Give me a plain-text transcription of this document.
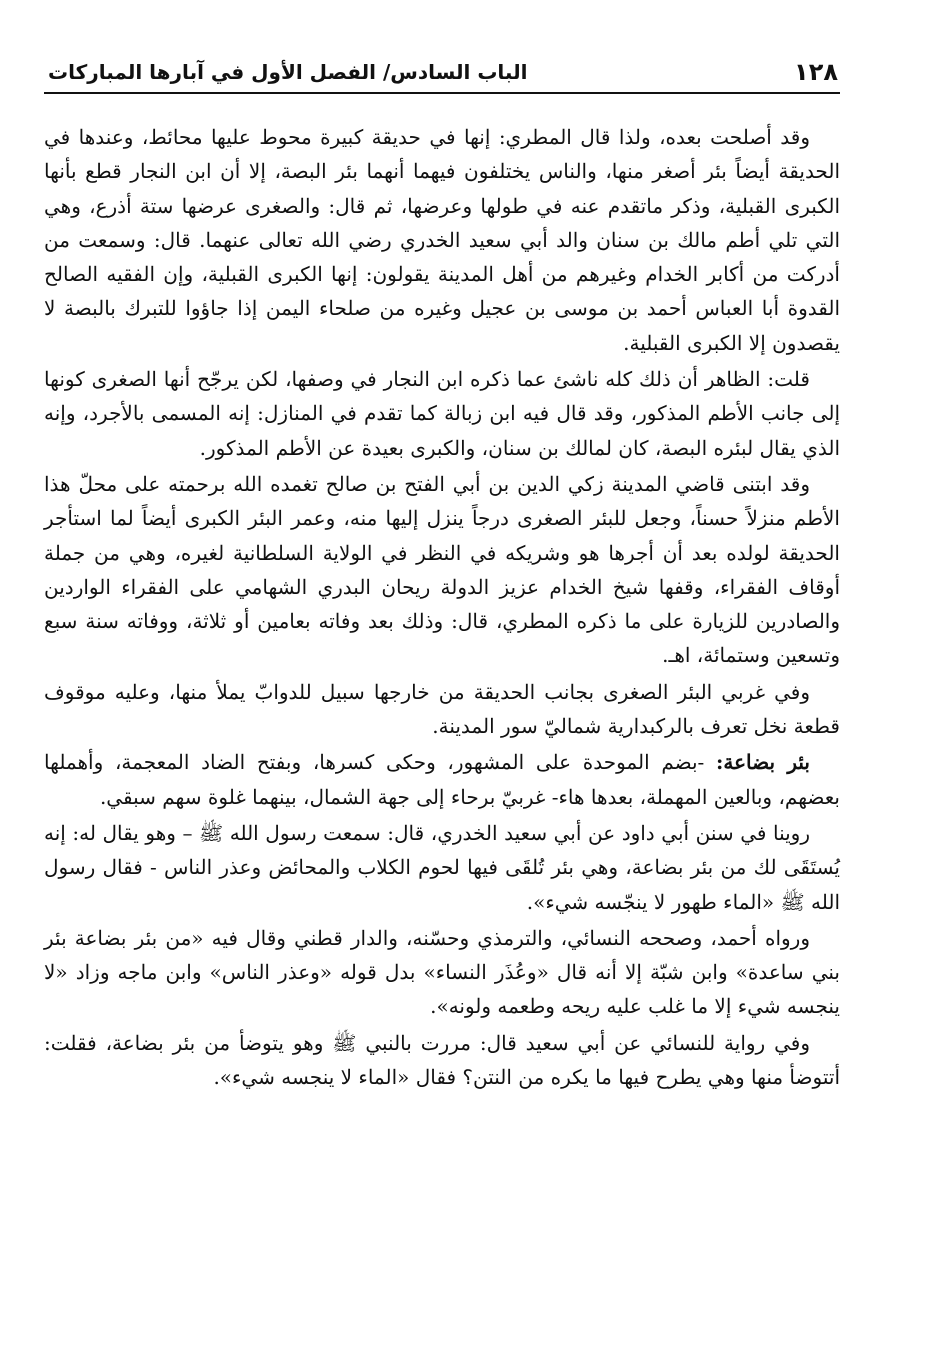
١٢٨
الباب السادس/ الفصل الأول في آبارها المباركات

وقد أصلحت بعده، ولذا قال المطري: إنها في حديقة كبيرة محوط عليها محائط، وعندها في الحديقة أيضاً بئر أصغر منها، والناس يختلفون فيهما أنهما بئر البصة، إلا أن ابن النجار قطع بأنها الكبرى القبلية، وذكر ماتقدم عنه في طولها وعرضها، ثم قال: والصغرى عرضها ستة أذرع، وهي التي تلي أطم مالك بن سنان والد أبي سعيد الخدري رضي الله تعالى عنهما. قال: وسمعت من أدركت من أكابر الخدام وغيرهم من أهل المدينة يقولون: إنها الكبرى القبلية، وإن الفقيه الصالح القدوة أبا العباس أحمد بن موسى بن عجيل وغيره من صلحاء اليمن إذا جاؤوا للتبرك بالبصة لا يقصدون إلا الكبرى القبلية.

قلت: الظاهر أن ذلك كله ناشئ عما ذكره ابن النجار في وصفها، لكن يرجّح أنها الصغرى كونها إلى جانب الأطم المذكور، وقد قال فيه ابن زبالة كما تقدم في المنازل: إنه المسمى بالأجرد، وإنه الذي يقال لبئره البصة، كان لمالك بن سنان، والكبرى بعيدة عن الأطم المذكور.

وقد ابتنى قاضي المدينة زكي الدين بن أبي الفتح بن صالح تغمده الله برحمته على محلّ هذا الأطم منزلاً حسناً، وجعل للبئر الصغرى درجاً ينزل إليها منه، وعمر البئر الكبرى أيضاً لما استأجر الحديقة لولده بعد أن أجرها هو وشريكه في النظر في الولاية السلطانية لغيره، وهي من جملة أوقاف الفقراء، وقفها شيخ الخدام عزيز الدولة ريحان البدري الشهامي على الفقراء الواردين والصادرين للزيارة على ما ذكره المطري، قال: وذلك بعد وفاته بعامين أو ثلاثة، ووفاته سنة سبع وتسعين وستمائة، اهـ.

وفي غربي البئر الصغرى بجانب الحديقة من خارجها سبيل للدوابّ يملأ منها، وعليه موقوف قطعة نخل تعرف بالركبدارية شماليّ سور المدينة.

بئر بضاعة: -بضم الموحدة على المشهور، وحكى كسرها، وبفتح الضاد المعجمة، وأهملها بعضهم، وبالعين المهملة، بعدها هاء- غربيّ برحاء إلى جهة الشمال، بينهما غلوة سهم سبقي.

روينا في سنن أبي داود عن أبي سعيد الخدري، قال: سمعت رسول الله ﷺ – وهو يقال له: إنه يُستَقَى لك من بئر بضاعة، وهي بئر تُلقَى فيها لحوم الكلاب والمحائض وعذر الناس - فقال رسول الله ﷺ «الماء طهور لا ينجّسه شيء».

ورواه أحمد، وصححه النسائي، والترمذي وحسّنه، والدار قطني وقال فيه «من بئر بضاعة بئر بني ساعدة» وابن شبّة إلا أنه قال «وعُذَر النساء» بدل قوله «وعذر الناس» وابن ماجه وزاد «لا ينجسه شيء إلا ما غلب عليه ريحه وطعمه ولونه».

وفي رواية للنسائي عن أبي سعيد قال: مررت بالنبي ﷺ وهو يتوضأ من بئر بضاعة، فقلت: أتتوضأ منها وهي يطرح فيها ما يكره من النتن؟ فقال «الماء لا ينجسه شيء».
